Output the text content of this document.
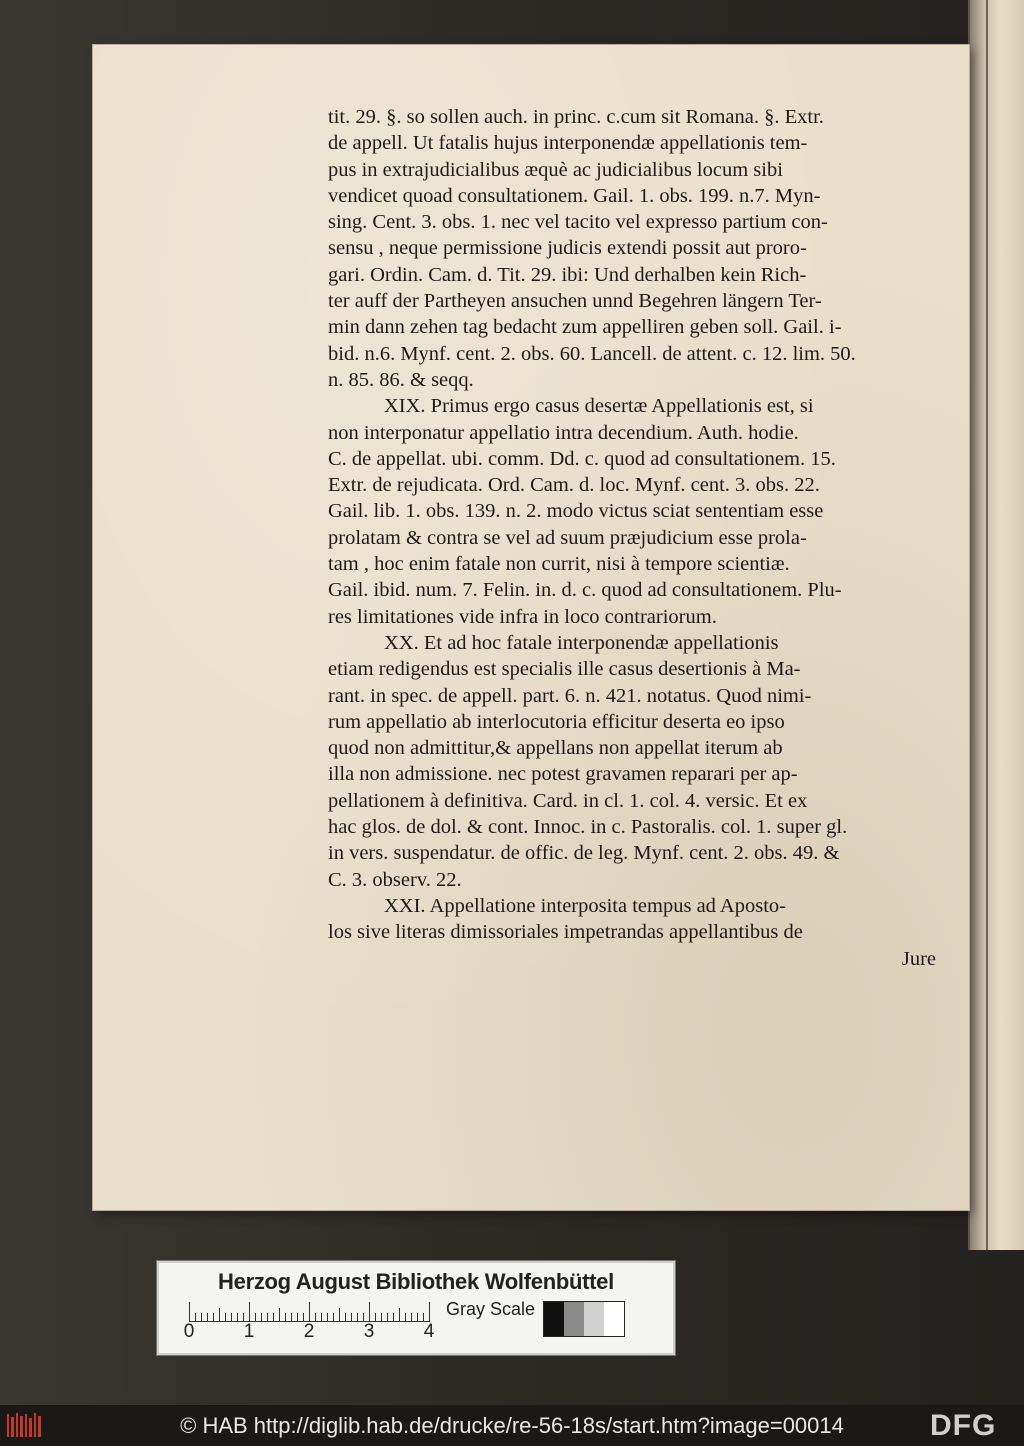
tit. 29. §. so sollen auch. in princ. c.cum sit Romana. §. Extr.
de appell. Ut fatalis hujus interponendæ appellationis tem-
pus in extrajudicialibus æquè ac judicialibus locum sibi
vendicet quoad consultationem. Gail. 1. obs. 199. n.7. Myn-
sing. Cent. 3. obs. 1. nec vel tacito vel expresso partium con-
sensu , neque permissione judicis extendi possit aut proro-
gari. Ordin. Cam. d. Tit. 29. ibi: Und derhalben kein Rich-
ter auff der Partheyen ansuchen unnd Begehren längern Ter-
min dann zehen tag bedacht zum appelliren geben soll. Gail. i-
bid. n.6. Mynf. cent. 2. obs. 60. Lancell. de attent. c. 12. lim. 50.
n. 85. 86. & seqq.
XIX. Primus ergo casus desertæ Appellationis est, si
non interponatur appellatio intra decendium. Auth. hodie.
C. de appellat. ubi. comm. Dd. c. quod ad consultationem. 15.
Extr. de rejudicata. Ord. Cam. d. loc. Mynf. cent. 3. obs. 22.
Gail. lib. 1. obs. 139. n. 2. modo victus sciat sententiam esse
prolatam & contra se vel ad suum præjudicium esse prola-
tam , hoc enim fatale non currit, nisi à tempore scientiæ.
Gail. ibid. num. 7. Felin. in. d. c. quod ad consultationem. Plu-
res limitationes vide infra in loco contrariorum.
XX. Et ad hoc fatale interponendæ appellationis
etiam redigendus est specialis ille casus desertionis à Ma-
rant. in spec. de appell. part. 6. n. 421. notatus. Quod nimi-
rum appellatio ab interlocutoria efficitur deserta eo ipso
quod non admittitur,& appellans non appellat iterum ab
illa non admissione. nec potest gravamen reparari per ap-
pellationem à definitiva. Card. in cl. 1. col. 4. versic. Et ex
hac glos. de dol. & cont. Innoc. in c. Pastoralis. col. 1. super gl.
in vers. suspendatur. de offic. de leg. Mynf. cent. 2. obs. 49. &
C. 3. observ. 22.
XXI. Appellatione interposita tempus ad Aposto-
los sive literas dimissoriales impetrandas appellantibus de
Jure
Herzog August Bibliothek Wolfenbüttel
0	1	2	3	4
Gray Scale
© HAB http://diglib.hab.de/drucke/re-56-18s/start.htm?image=00014	DFG
